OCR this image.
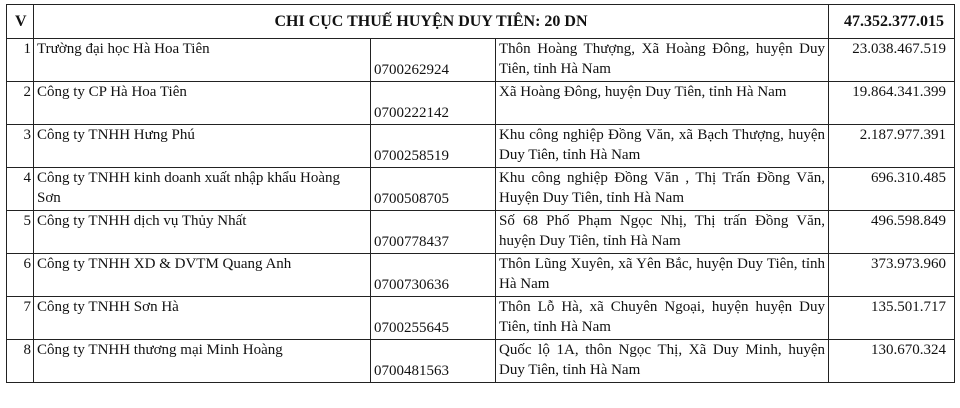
V	CHI CỤC THUẾ HUYỆN DUY TIÊN: 20 DN			47.352.377.015
1	Trường đại học Hà Hoa Tiên	0700262924	Thôn Hoàng Thượng, Xã Hoàng Đông, huyện Duy Tiên, tỉnh Hà Nam	23.038.467.519
2	Công ty CP Hà Hoa Tiên	0700222142	Xã Hoàng Đông, huyện Duy Tiên, tỉnh Hà Nam	19.864.341.399
3	Công ty TNHH Hưng Phú	0700258519	Khu công nghiệp Đồng Văn, xã Bạch Thượng, huyện Duy Tiên, tỉnh Hà Nam	2.187.977.391
4	Công ty TNHH kinh doanh xuất nhập khẩu Hoàng Sơn	0700508705	Khu công nghiệp Đồng Văn , Thị Trấn Đồng Văn, Huyện Duy Tiên, tỉnh Hà Nam	696.310.485
5	Công ty TNHH dịch vụ Thủy Nhất	0700778437	Số 68 Phố Phạm Ngọc Nhị, Thị trấn Đồng Văn, huyện Duy Tiên, tỉnh Hà Nam	496.598.849
6	Công ty TNHH XD & DVTM Quang Anh	0700730636	Thôn Lũng Xuyên, xã Yên Bắc, huyện Duy Tiên, tỉnh Hà Nam	373.973.960
7	Công ty TNHH Sơn Hà	0700255645	Thôn Lỗ Hà, xã Chuyên Ngoại, huyện huyện Duy Tiên, tỉnh Hà Nam	135.501.717
8	Công ty TNHH thương mại Minh Hoàng	0700481563	Quốc lộ 1A, thôn Ngọc Thị, Xã Duy Minh, huyện Duy Tiên, tỉnh Hà Nam	130.670.324
